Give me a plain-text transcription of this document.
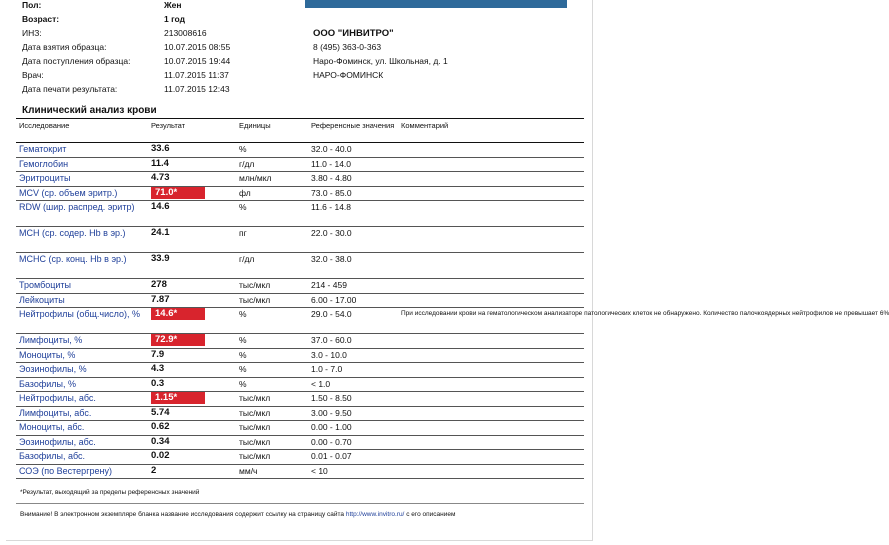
Пол:	Жен
Возраст:	1 год
ИНЗ:	213008616
Дата взятия образца:	10.07.2015 08:55
Дата поступления образца:	10.07.2015 19:44
Врач:	11.07.2015 11:37
Дата печати результата:	11.07.2015 12:43
ООО "ИНВИТРО"
8 (495) 363-0-363
Наро-Фоминск, ул. Школьная, д. 1
НАРО-ФОМИНСК
Клинический анализ крови
Исследование	Результат	Единицы	Референсные значения	Комментарий
Гематокрит	33.6	%	32.0 - 40.0	
Гемоглобин	11.4	г/дл	11.0 - 14.0	
Эритроциты	4.73	млн/мкл	3.80 - 4.80	
MCV (ср. объем эритр.)	71.0*	фл	73.0 - 85.0	
RDW (шир. распред. эритр)	14.6	%	11.6 - 14.8	
MCH (ср. содер. Hb в эр.)	24.1	пг	22.0 - 30.0	
MCHC (ср. конц. Hb в эр.)	33.9	г/дл	32.0 - 38.0	
Тромбоциты	278	тыс/мкл	214 - 459	
Лейкоциты	7.87	тыс/мкл	6.00 - 17.00	
Нейтрофилы (общ.число), %	14.6*	%	29.0 - 54.0	При исследовании крови на гематологическом анализаторе патологических клеток не обнаружено. Количество палочкоядерных нейтрофилов не превышает 6%
Лимфоциты, %	72.9*	%	37.0 - 60.0	
Моноциты, %	7.9	%	3.0 - 10.0	
Эозинофилы, %	4.3	%	1.0 - 7.0	
Базофилы, %	0.3	%	< 1.0	
Нейтрофилы, абс.	1.15*	тыс/мкл	1.50 - 8.50	
Лимфоциты, абс.	5.74	тыс/мкл	3.00 - 9.50	
Моноциты, абс.	0.62	тыс/мкл	0.00 - 1.00	
Эозинофилы, абс.	0.34	тыс/мкл	0.00 - 0.70	
Базофилы, абс.	0.02	тыс/мкл	0.01 - 0.07	
СОЭ (по Вестергрену)	2	мм/ч	< 10	
*Результат, выходящий за пределы референсных значений
Внимание! В электронном экземпляре бланка название исследования содержит ссылку на страницу сайта http://www.invitro.ru/ с его описанием
